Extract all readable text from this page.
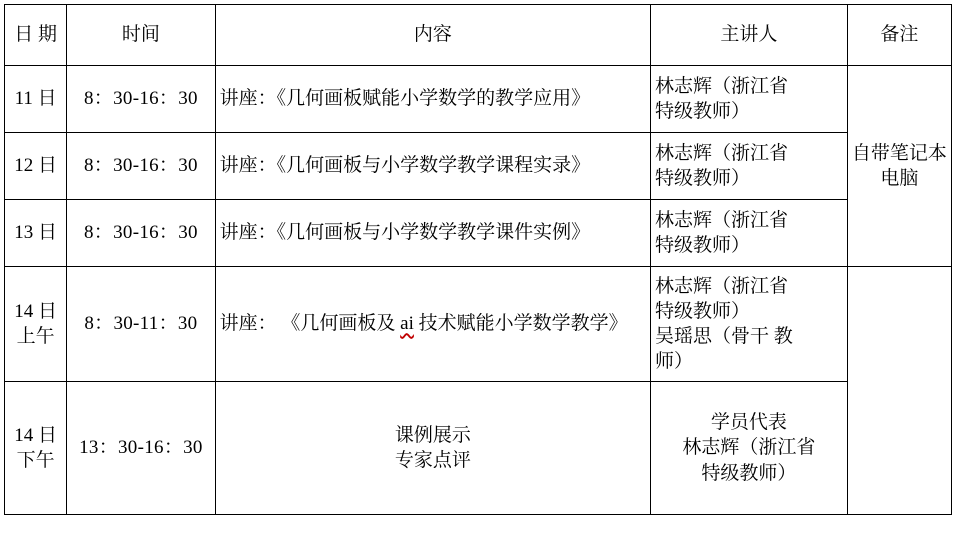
日 期	时间	内容	主讲人	备注
11 日	8：30-16：30	讲座：《几何画板赋能小学数学的教学应用》	林志辉（浙江省
特级教师）	自带笔记本电脑
12 日	8：30-16：30	讲座：《几何画板与小学数学教学课程实录》	林志辉（浙江省
特级教师）	

13 日	8：30-16：30	讲座：《几何画板与小学数学教学课件实例》	林志辉（浙江省
特级教师）	

14 日 上午	8：30-11：30	讲座： 《几何画板及 ai 技术赋能小学数学教学》	林志辉（浙江省
特级教师）
吴瑶思（骨干 教
师）	

14 日 下午	13：30-16：30	课例展示
专家点评	学员代表
林志辉（浙江省
特级教师）	
